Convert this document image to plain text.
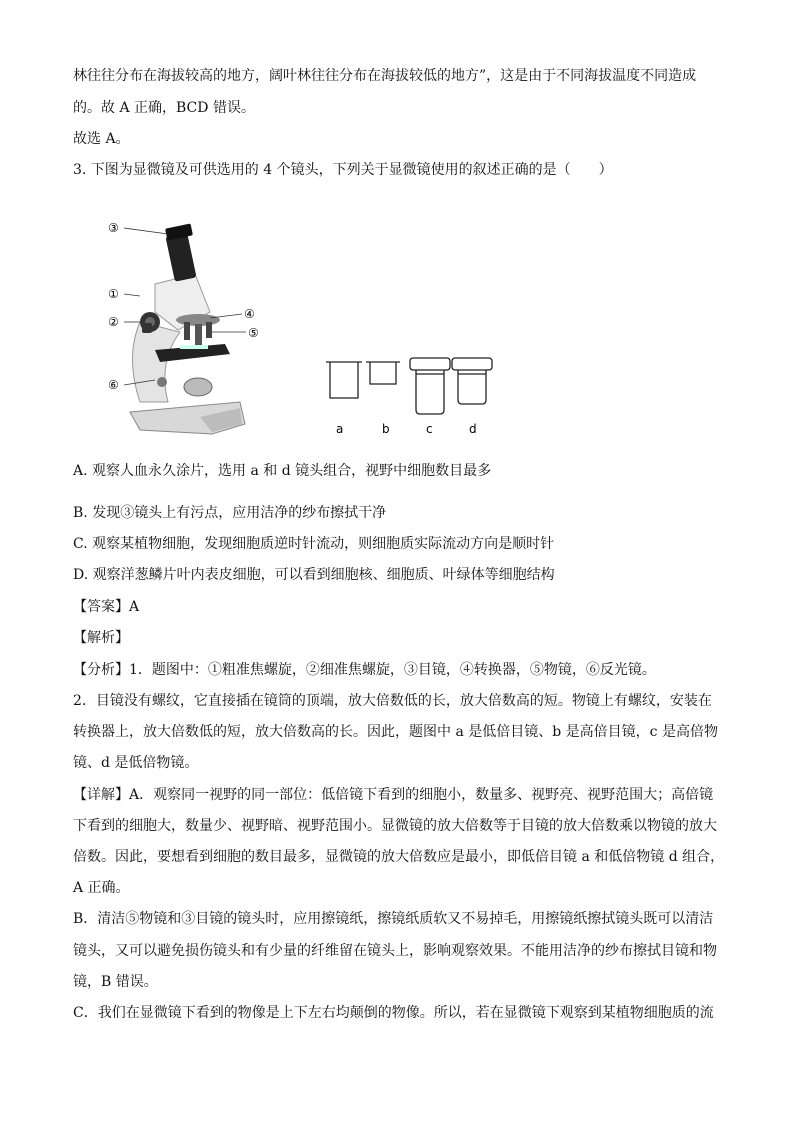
林往往分布在海拔较高的地方，阔叶林往往分布在海拔较低的地方”，这是由于不同海拔温度不同造成
的。故 A 正确，BCD 错误。
故选 A。
3. 下图为显微镜及可供选用的 4 个镜头，下列关于显微镜使用的叙述正确的是（　　）
③
①
②
④
⑤
⑥
a	b	c	d
A. 观察人血永久涂片，选用 a 和 d 镜头组合，视野中细胞数目最多
B. 发现③镜头上有污点，应用洁净的纱布擦拭干净
C. 观察某植物细胞，发现细胞质逆时针流动，则细胞质实际流动方向是顺时针
D. 观察洋葱鳞片叶内表皮细胞，可以看到细胞核、细胞质、叶绿体等细胞结构
【答案】A
【解析】
【分析】1．题图中：①粗准焦螺旋，②细准焦螺旋，③目镜，④转换器，⑤物镜，⑥反光镜。
2．目镜没有螺纹，它直接插在镜筒的顶端，放大倍数低的长，放大倍数高的短。物镜上有螺纹，安装在
转换器上，放大倍数低的短，放大倍数高的长。因此，题图中 a 是低倍目镜、b 是高倍目镜，c 是高倍物
镜、d 是低倍物镜。
【详解】A．观察同一视野的同一部位：低倍镜下看到的细胞小，数量多、视野亮、视野范围大；高倍镜
下看到的细胞大，数量少、视野暗、视野范围小。显微镜的放大倍数等于目镜的放大倍数乘以物镜的放大
倍数。因此，要想看到细胞的数目最多，显微镜的放大倍数应是最小，即低倍目镜 a 和低倍物镜 d 组合，
A 正确。
B．清洁⑤物镜和③目镜的镜头时，应用擦镜纸，擦镜纸质软又不易掉毛，用擦镜纸擦拭镜头既可以清洁
镜头，又可以避免损伤镜头和有少量的纤维留在镜头上，影响观察效果。不能用洁净的纱布擦拭目镜和物
镜，B 错误。
C．我们在显微镜下看到的物像是上下左右均颠倒的物像。所以，若在显微镜下观察到某植物细胞质的流
